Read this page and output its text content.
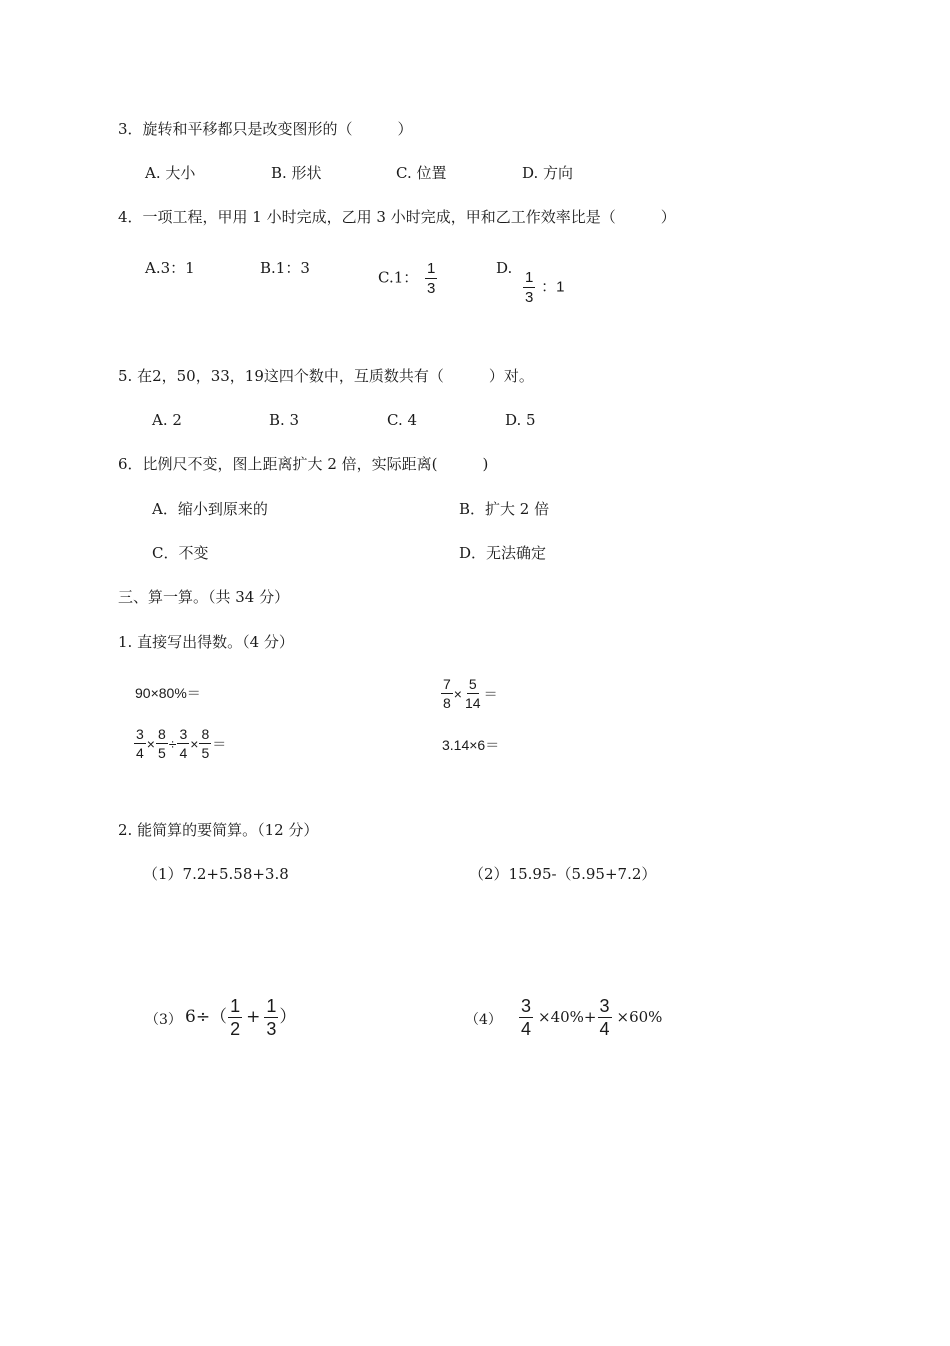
3．旋转和平移都只是改变图形的（　　　）
A. 大小	B. 形状	C. 位置	D. 方向
4．一项工程，甲用 1 小时完成，乙用 3 小时完成，甲和乙工作效率比是（　　　）
A.3：1	B.1：3
C.1： $\frac{1}{3}$	D.
$\frac{1}{3}$ ：1
5. 在2，50，33，19这四个数中，互质数共有（　　　）对。
A. 2	B. 3	C. 4	D. 5
6．比例尺不变，图上距离扩大 2 倍，实际距离(　　　)
A．缩小到原来的	B．扩大 2 倍
C．不变	D．无法确定
三、算一算。（共 34 分）
1. 直接写出得数。（4 分）
90×80%＝	$\frac{7}{8} \times \frac{5}{14}$ ＝
$\frac{3}{4} \times \frac{8}{5} \div \frac{3}{4} \times \frac{8}{5}$ ＝	3.14×6＝
2. 能简算的要简算。（12 分）
（1）7.2+5.58+3.8	（2）15.95-（5.95+7.2）
（3） $6\div( \frac{1}{2} + \frac{1}{3}$ ）	$(4) \frac{3}{4} \times 40\%+ \frac{3}{4} \times 60\%$
